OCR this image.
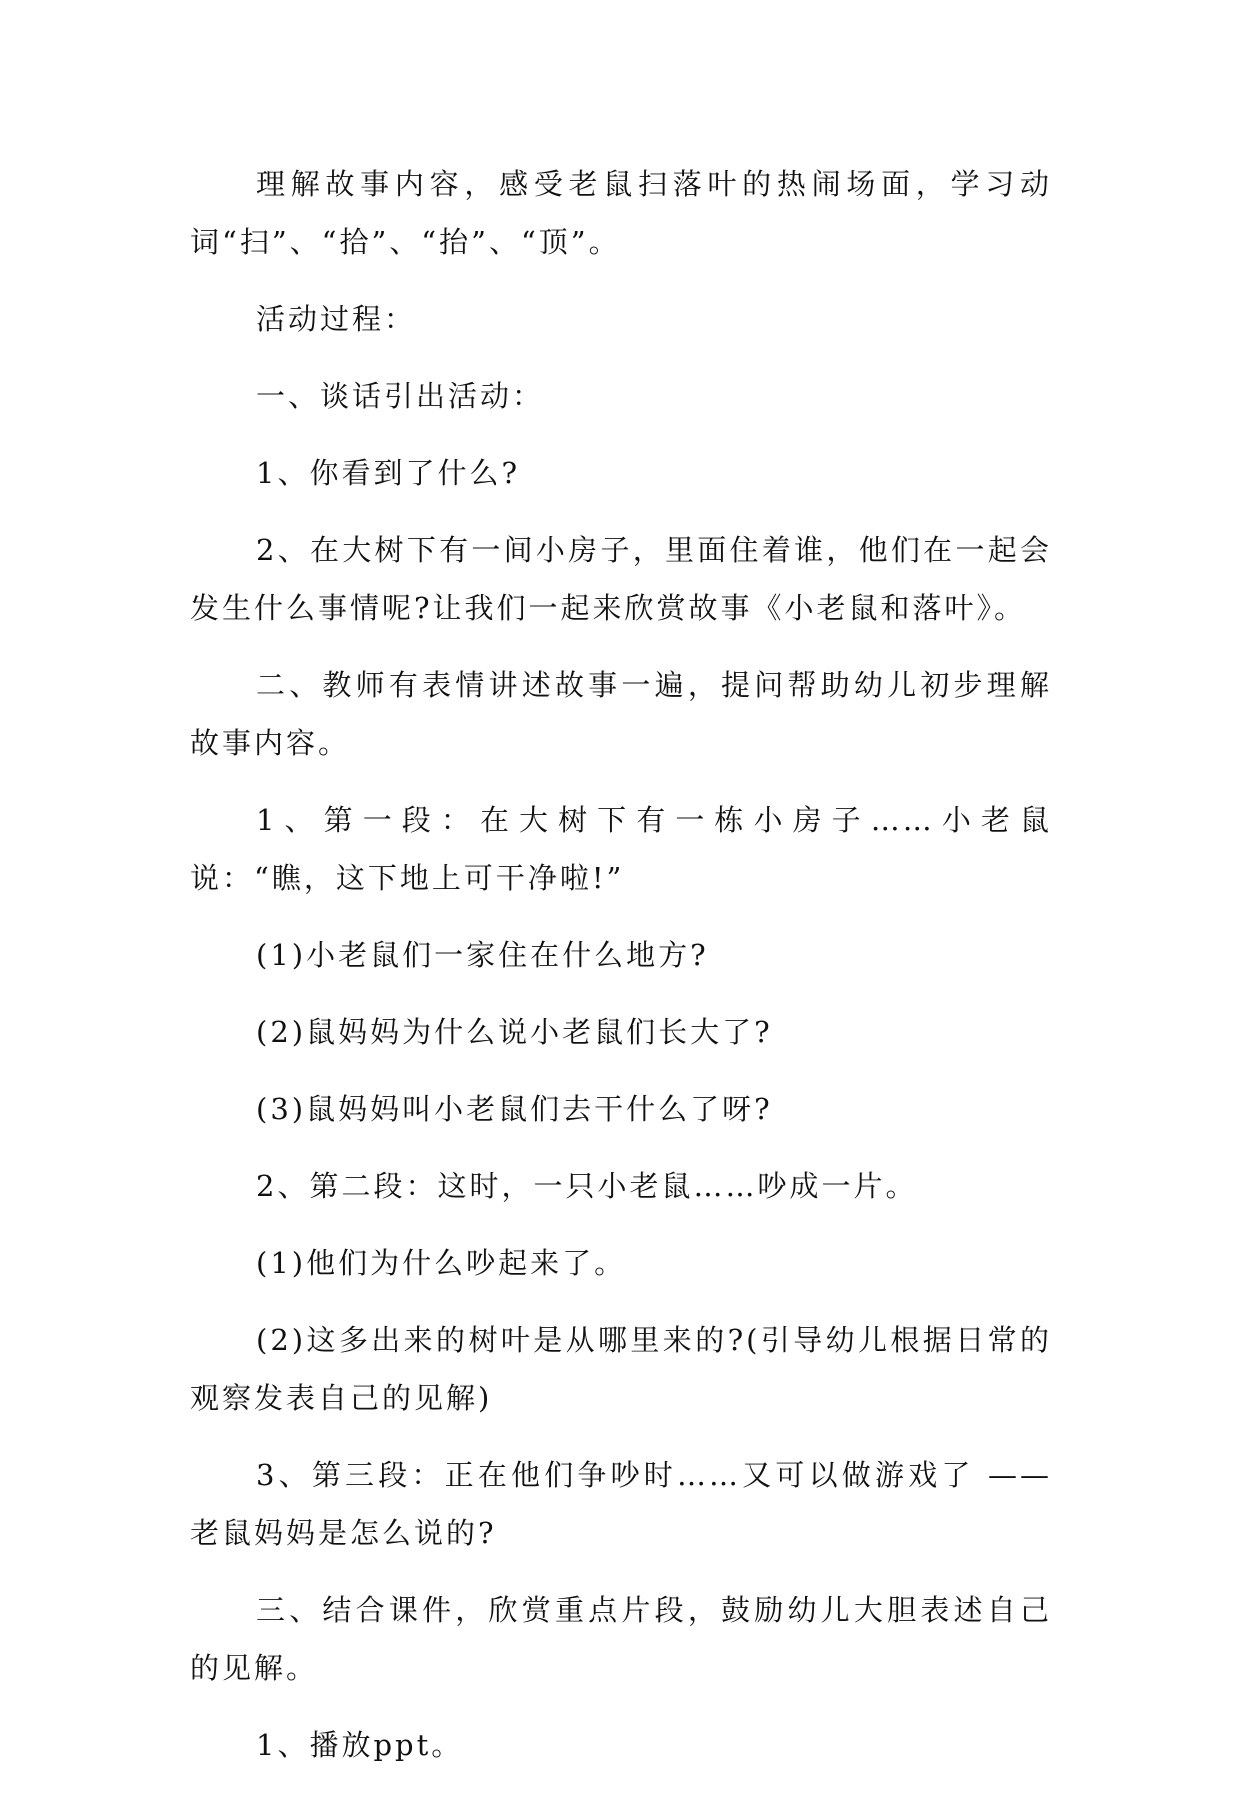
理解故事内容，感受老鼠扫落叶的热闹场面，学习动词“扫”、“拾”、“抬”、“顶”。

活动过程：

一、谈话引出活动：

1、你看到了什么?

2、在大树下有一间小房子，里面住着谁，他们在一起会发生什么事情呢?让我们一起来欣赏故事《小老鼠和落叶》。

二、教师有表情讲述故事一遍，提问帮助幼儿初步理解故事内容。

1、第一段：在大树下有一栋小房子……小老鼠说：“瞧，这下地上可干净啦!”

(1)小老鼠们一家住在什么地方?

(2)鼠妈妈为什么说小老鼠们长大了?

(3)鼠妈妈叫小老鼠们去干什么了呀?

2、第二段：这时，一只小老鼠……吵成一片。

(1)他们为什么吵起来了。

(2)这多出来的树叶是从哪里来的?(引导幼儿根据日常的观察发表自己的见解)

3、第三段：正在他们争吵时……又可以做游戏了 ——老鼠妈妈是怎么说的?

三、结合课件，欣赏重点片段，鼓励幼儿大胆表述自己的见解。

1、播放ppt。
